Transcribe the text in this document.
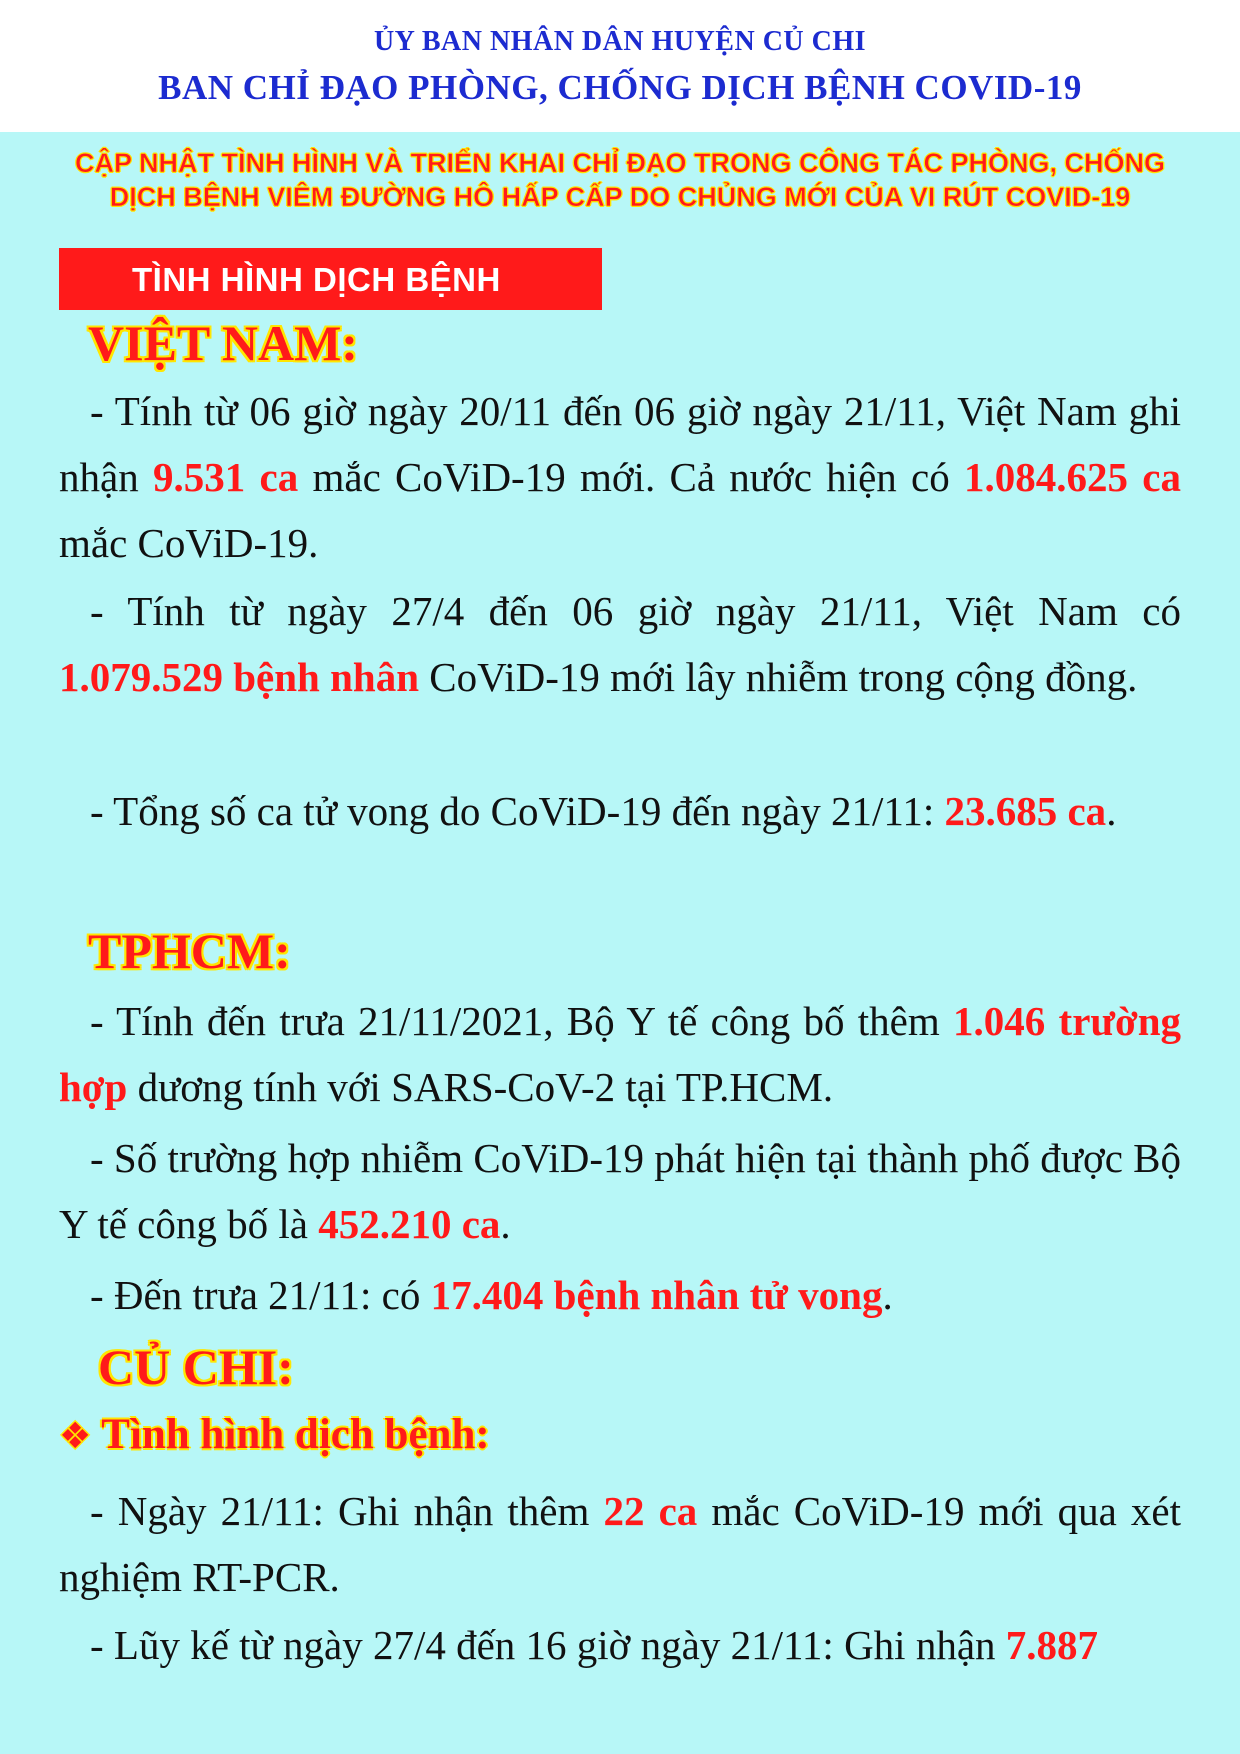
ỦY BAN NHÂN DÂN HUYỆN CỦ CHI
BAN CHỈ ĐẠO PHÒNG, CHỐNG DỊCH BỆNH COVID-19
CẬP NHẬT TÌNH HÌNH VÀ TRIỂN KHAI CHỈ ĐẠO TRONG CÔNG TÁC PHÒNG, CHỐNG
DỊCH BỆNH VIÊM ĐƯỜNG HÔ HẤP CẤP DO CHỦNG MỚI CỦA VI RÚT COVID-19
TÌNH HÌNH DỊCH BỆNH
VIỆT NAM:

- Tính từ 06 giờ ngày 20/11 đến 06 giờ ngày 21/11, Việt Nam ghi nhận 9.531 ca mắc CoViD-19 mới. Cả nước hiện có 1.084.625 ca mắc CoViD-19.

- Tính từ ngày 27/4 đến 06 giờ ngày 21/11, Việt Nam có 1.079.529 bệnh nhân CoViD-19 mới lây nhiễm trong cộng đồng.

- Tổng số ca tử vong do CoViD-19 đến ngày 21/11: 23.685 ca.

TPHCM:

- Tính đến trưa 21/11/2021, Bộ Y tế công bố thêm 1.046 trường hợp dương tính với SARS-CoV-2 tại TP.HCM.

- Số trường hợp nhiễm CoViD-19 phát hiện tại thành phố được Bộ Y tế công bố là 452.210 ca.

- Đến trưa 21/11: có 17.404 bệnh nhân tử vong.

CỦ CHI:
❖ Tình hình dịch bệnh:

- Ngày 21/11: Ghi nhận thêm 22 ca mắc CoViD-19 mới qua xét nghiệm RT-PCR.

- Lũy kế từ ngày 27/4 đến 16 giờ ngày 21/11: Ghi nhận 7.887
